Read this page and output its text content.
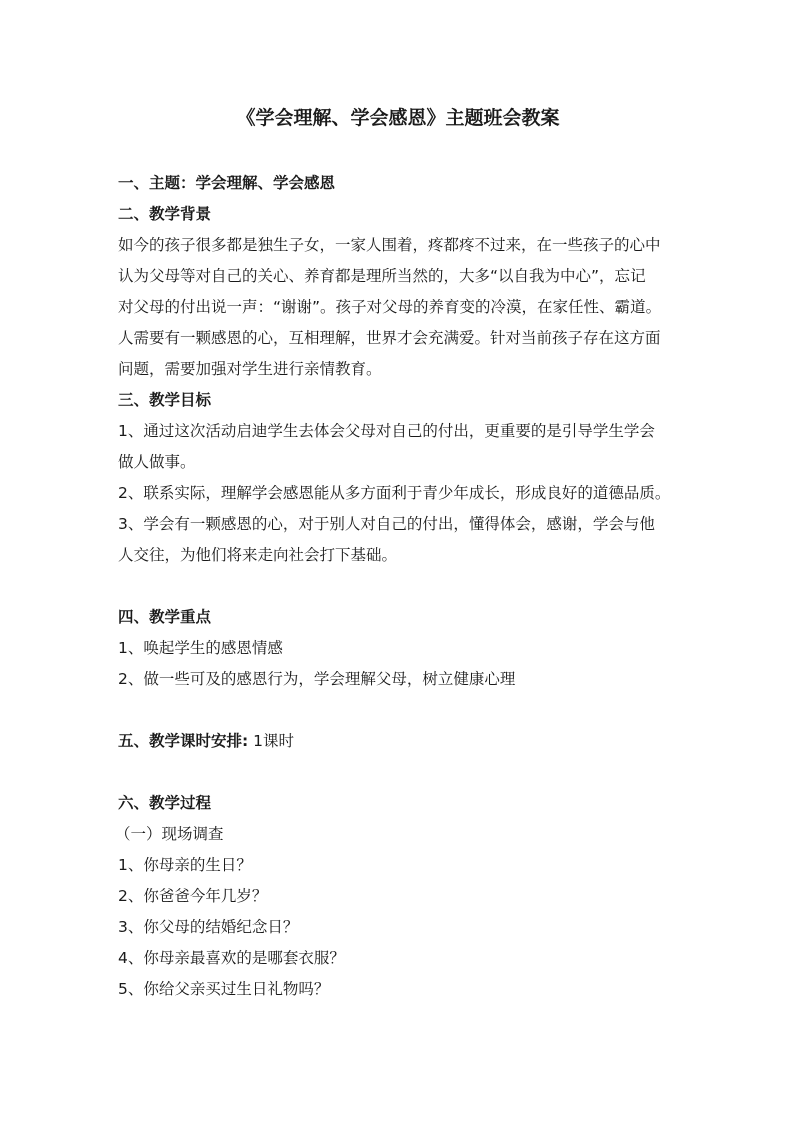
《学会理解、学会感恩》主题班会教案

一、主题：学会理解、学会感恩

二、教学背景

如今的孩子很多都是独生子女，一家人围着，疼都疼不过来，在一些孩子的心中

认为父母等对自己的关心、养育都是理所当然的，大多“以自我为中心”，忘记

对父母的付出说一声：“谢谢”。孩子对父母的养育变的冷漠，在家任性、霸道。

人需要有一颗感恩的心，互相理解，世界才会充满爱。针对当前孩子存在这方面

问题，需要加强对学生进行亲情教育。

三、教学目标

1、通过这次活动启迪学生去体会父母对自己的付出，更重要的是引导学生学会

做人做事。

2、联系实际，理解学会感恩能从多方面利于青少年成长，形成良好的道德品质。

3、学会有一颗感恩的心，对于别人对自己的付出，懂得体会，感谢，学会与他

人交往，为他们将来走向社会打下基础。

四、教学重点

1、唤起学生的感恩情感

2、做一些可及的感恩行为，学会理解父母，树立健康心理

五、教学课时安排: 1课时

六、教学过程

（一）现场调查

1、你母亲的生日？

2、你爸爸今年几岁？

3、你父母的结婚纪念日？

4、你母亲最喜欢的是哪套衣服？

5、你给父亲买过生日礼物吗？
